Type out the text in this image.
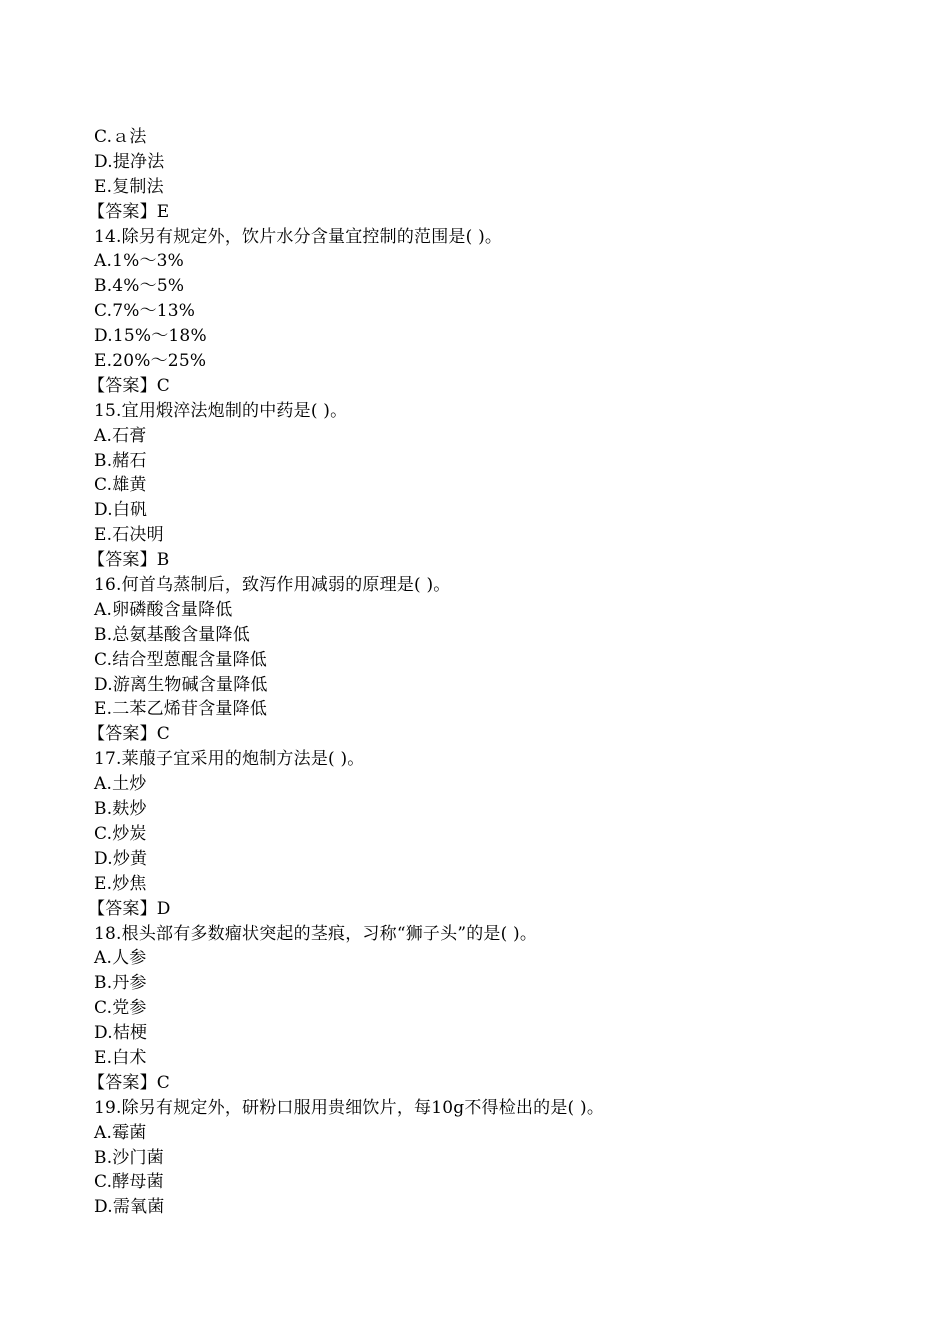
C.ａ法
D.提净法
E.复制法
【答案】E
14.除另有规定外，饮片水分含量宜控制的范围是( )。
A.1%～3%
B.4%～5%
C.7%～13%
D.15%～18%
E.20%～25%
【答案】C
15.宜用煅淬法炮制的中药是( )。
A.石膏
B.赭石
C.雄黄
D.白矾
E.石决明
【答案】B
16.何首乌蒸制后，致泻作用减弱的原理是( )。
A.卵磷酸含量降低
B.总氨基酸含量降低
C.结合型蒽醌含量降低
D.游离生物碱含量降低
E.二苯乙烯苷含量降低
【答案】C
17.莱菔子宜采用的炮制方法是( )。
A.土炒
B.麸炒
C.炒炭
D.炒黄
E.炒焦
【答案】D
18.根头部有多数瘤状突起的茎痕，习称“狮子头”的是( )。
A.人参
B.丹参
C.党参
D.桔梗
E.白术
【答案】C
19.除另有规定外，研粉口服用贵细饮片，每10g不得检出的是( )。
A.霉菌
B.沙门菌
C.酵母菌
D.需氧菌
